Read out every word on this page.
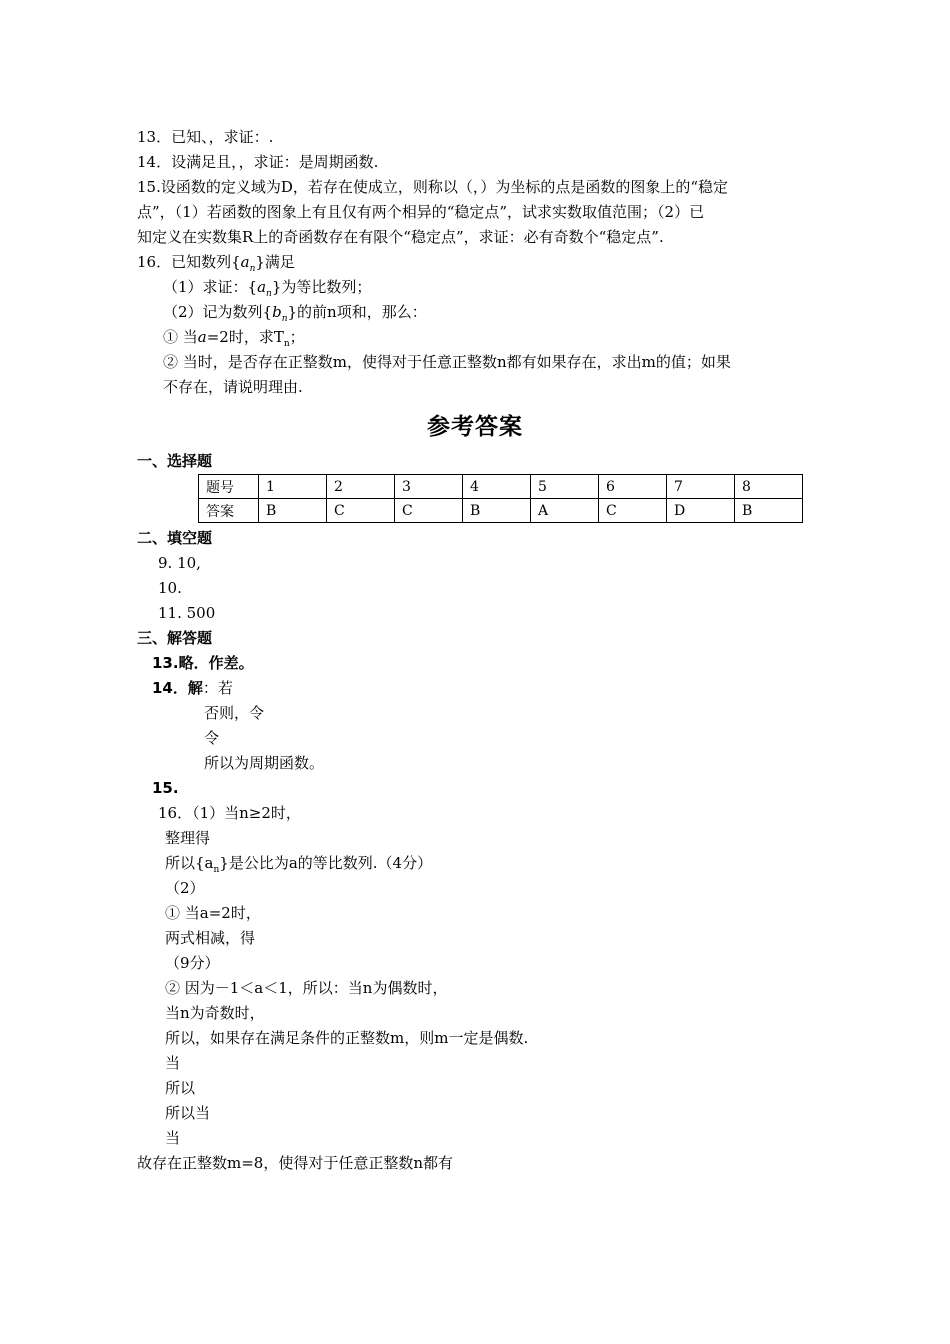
13．已知、，求证：.
14．设满足且，，求证：是周期函数.
15.设函数的定义域为D，若存在使成立，则称以（，）为坐标的点是函数的图象上的“稳定
点”，（1）若函数的图象上有且仅有两个相异的“稳定点”，试求实数取值范围；（2）已
知定义在实数集R上的奇函数存在有限个“稳定点”，求证：必有奇数个“稳定点”.
16．已知数列$\{a_n\}$满足
（1）求证：$\{a_n\}$为等比数列；
（2）记为数列$\{b_n\}$的前n项和，那么：
① 当a=2时，求$T_n$；
② 当时，是否存在正整数m，使得对于任意正整数n都有如果存在，求出m的值；如果
不存在，请说明理由.
参考答案
一、选择题
题号	1	2	3	4	5	6	7	8
答案	B	C	C	B	A	C	D	B
二、填空题
9. 10,
10.
11. 500
三、解答题
13.略．作差。
14．解：若
否则，令
令
所以为周期函数。
15.
16．（1）当n≥2时，
整理得
所以$\{a_n\}$是公比为a的等比数列.（4分）
（2）
① 当a=2时，
两式相减，得
（9分）
② 因为－1＜a＜1，所以：当n为偶数时，
当n为奇数时，
所以，如果存在满足条件的正整数m，则m一定是偶数.
当
所以
所以当
当
故存在正整数m=8，使得对于任意正整数n都有
